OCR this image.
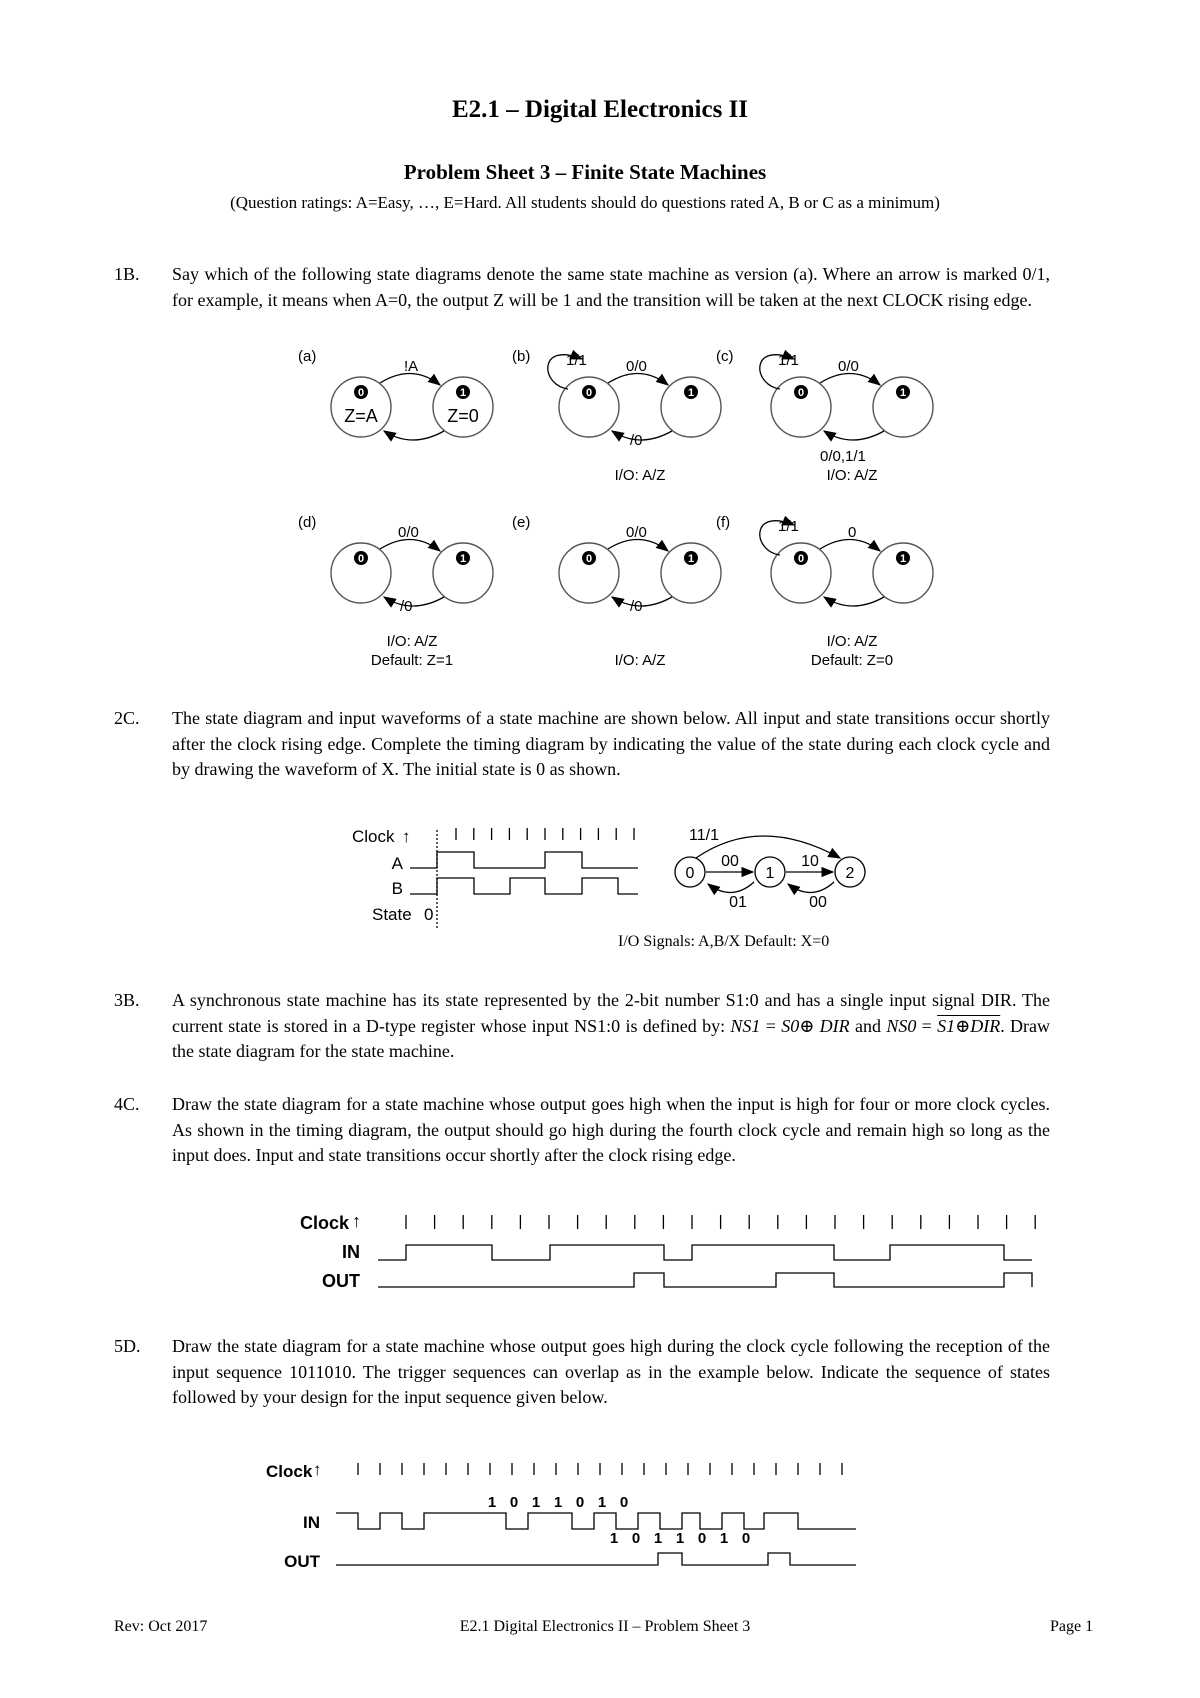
E2.1 – Digital Electronics II
Problem Sheet 3 – Finite State Machines
(Question ratings: A=Easy, …, E=Hard. All students should do questions rated A, B or C as a minimum)
1B. Say which of the following state diagrams denote the same state machine as version (a). Where an arrow is marked 0/1, for example, it means when A=0, the output Z will be 1 and the transition will be taken at the next CLOCK rising edge.
0	0	0
0	0	0
1	1	1
1	1	1
(a)	(b)	(c)
(d)	(e)	(f)
!A
Z=A	Z=0
1/1	0/0
/0
I/O: A/Z
1/1	0/0
0/0,1/1
I/O: A/Z
0/0
/0
I/O: A/Z
Default: Z=1
0/0
/0
I/O: A/Z
1/1	0
I/O: A/Z
Default: Z=0
2C. The state diagram and input waveforms of a state machine are shown below. All input and state transitions occur shortly after the clock rising edge. Complete the timing diagram by indicating the value of the state during each clock cycle and by drawing the waveform of X. The initial state is 0 as shown.
Clock ↑
A
B
State 0
0	1	2
11/1
00
01
10
00
I/O Signals: A,B/X Default: X=0
3B. A synchronous state machine has its state represented by the 2-bit number S1:0 and has a single input signal DIR. The current state is stored in a D-type register whose input NS1:0 is defined by: NS1 = S0⊕ DIR and NS0 = S1⊕DIR. Draw the state diagram for the state machine.
4C. Draw the state diagram for a state machine whose output goes high when the input is high for four or more clock cycles. As shown in the timing diagram, the output should go high during the fourth clock cycle and remain high so long as the input does. Input and state transitions occur shortly after the clock rising edge.
Clock ↑
IN
OUT
5D. Draw the state diagram for a state machine whose output goes high during the clock cycle following the reception of the input sequence 1011010. The trigger sequences can overlap as in the example below. Indicate the sequence of states followed by your design for the input sequence given below.
Clock ↑
IN
OUT
1 0 1 1 0 1 0
1 0 1 1 0 1 0
Rev: Oct 2017	E2.1 Digital Electronics II – Problem Sheet 3	Page 1
